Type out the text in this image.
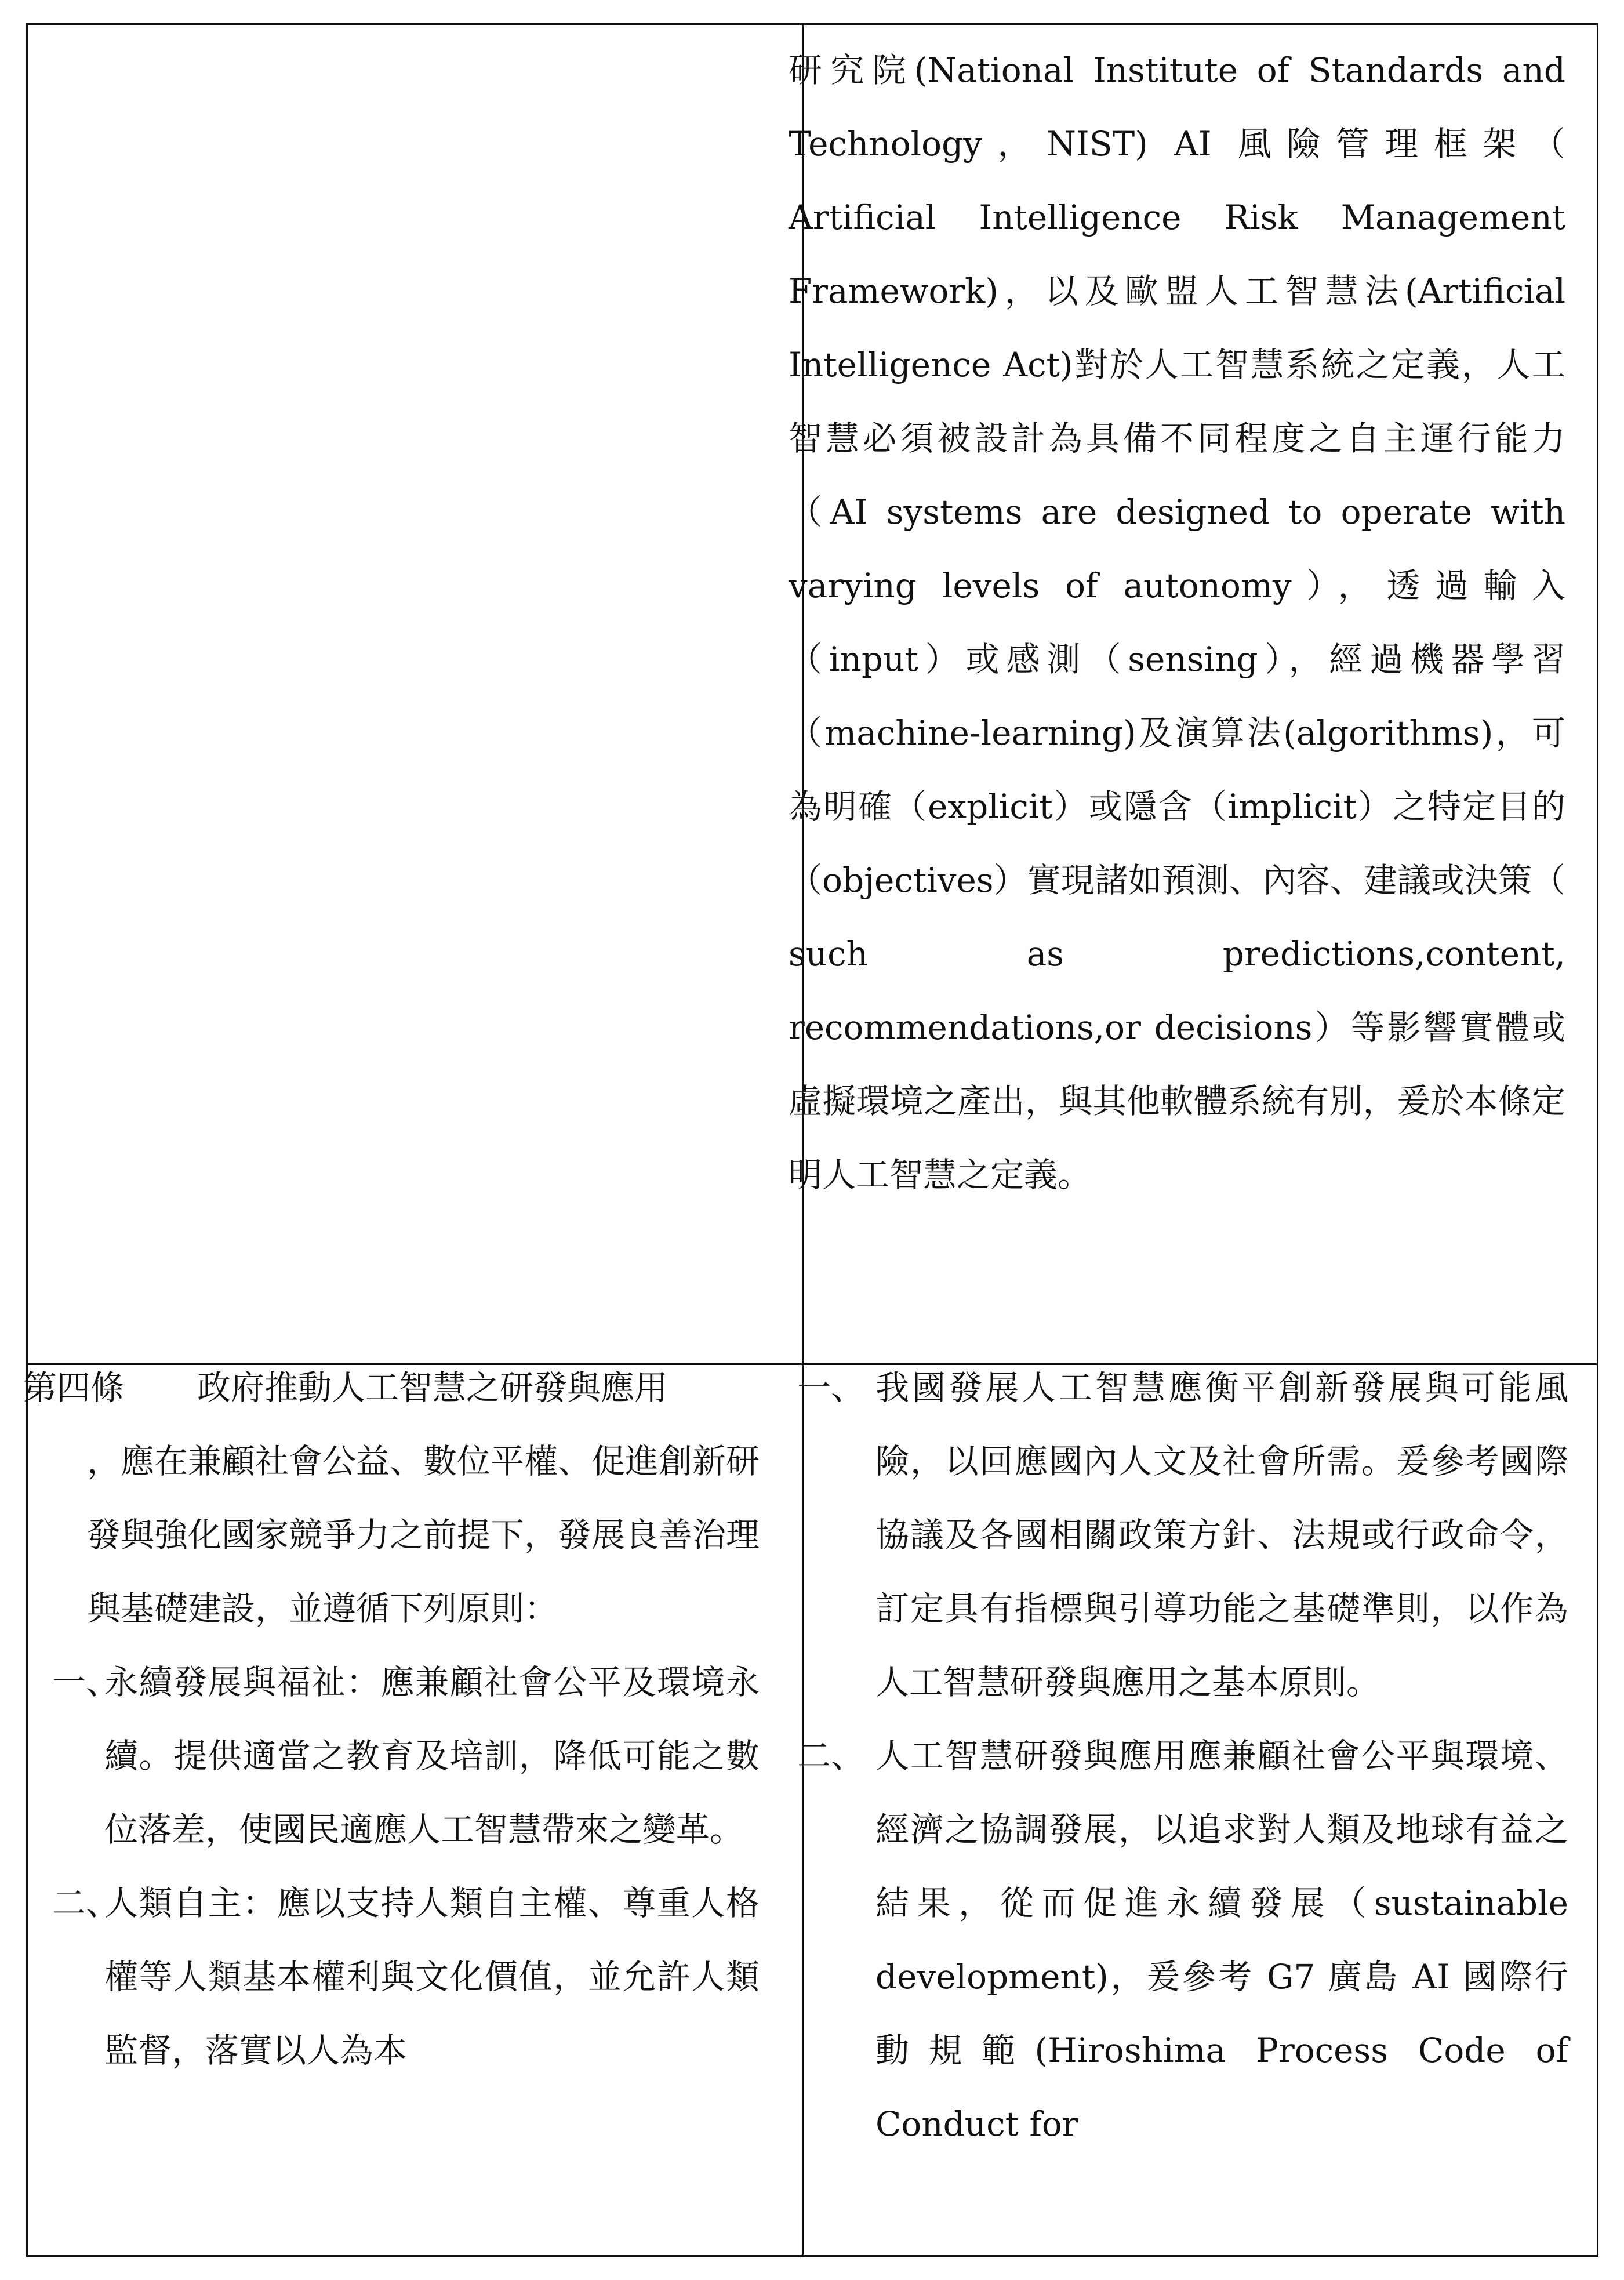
研究院(National Institute of Standards and Technology，NIST) AI 風險管理框架（ Artificial Intelligence Risk Management Framework)，以及歐盟人工智慧法(Artificial Intelligence Act)對於人工智慧系統之定義，人工智慧必須被設計為具備不同程度之自主運行能力（AI systems are designed to operate with varying levels of autonomy），透過輸入（input）或感測（sensing），經過機器學習（machine-learning)及演算法(algorithms)，可為明確（explicit）或隱含（implicit）之特定目的（objectives）實現諸如預測、內容、建議或決策（ such as predictions,content, recommendations,or decisions）等影響實體或虛擬環境之產出，與其他軟體系統有別，爰於本條定明人工智慧之定義。

第四條	政府推動人工智慧之研發與應用
，應在兼顧社會公益、數位平權、促進創新研發與強化國家競爭力之前提下，發展良善治理與基礎建設，並遵循下列原則：
一、
永續發展與福祉：應兼顧社會公平及環境永續。提供適當之教育及培訓，降低可能之數位落差，使國民適應人工智慧帶來之變革。
二、
人類自主：應以支持人類自主權、尊重人格權等人類基本權利與文化價值，並允許人類監督，落實以人為本
一、 我國發展人工智慧應衡平創新發展與可能風險，以回應國內人文及社會所需。爰參考國際協議及各國相關政策方針、法規或行政命令，訂定具有指標與引導功能之基礎準則，以作為人工智慧研發與應用之基本原則。
二、 人工智慧研發與應用應兼顧社會公平與環境、經濟之協調發展，以追求對人類及地球有益之結果，從而促進永續發展（sustainable development)，爰參考 G7 廣島 AI 國際行動規範(Hiroshima Process Code of Conduct for
